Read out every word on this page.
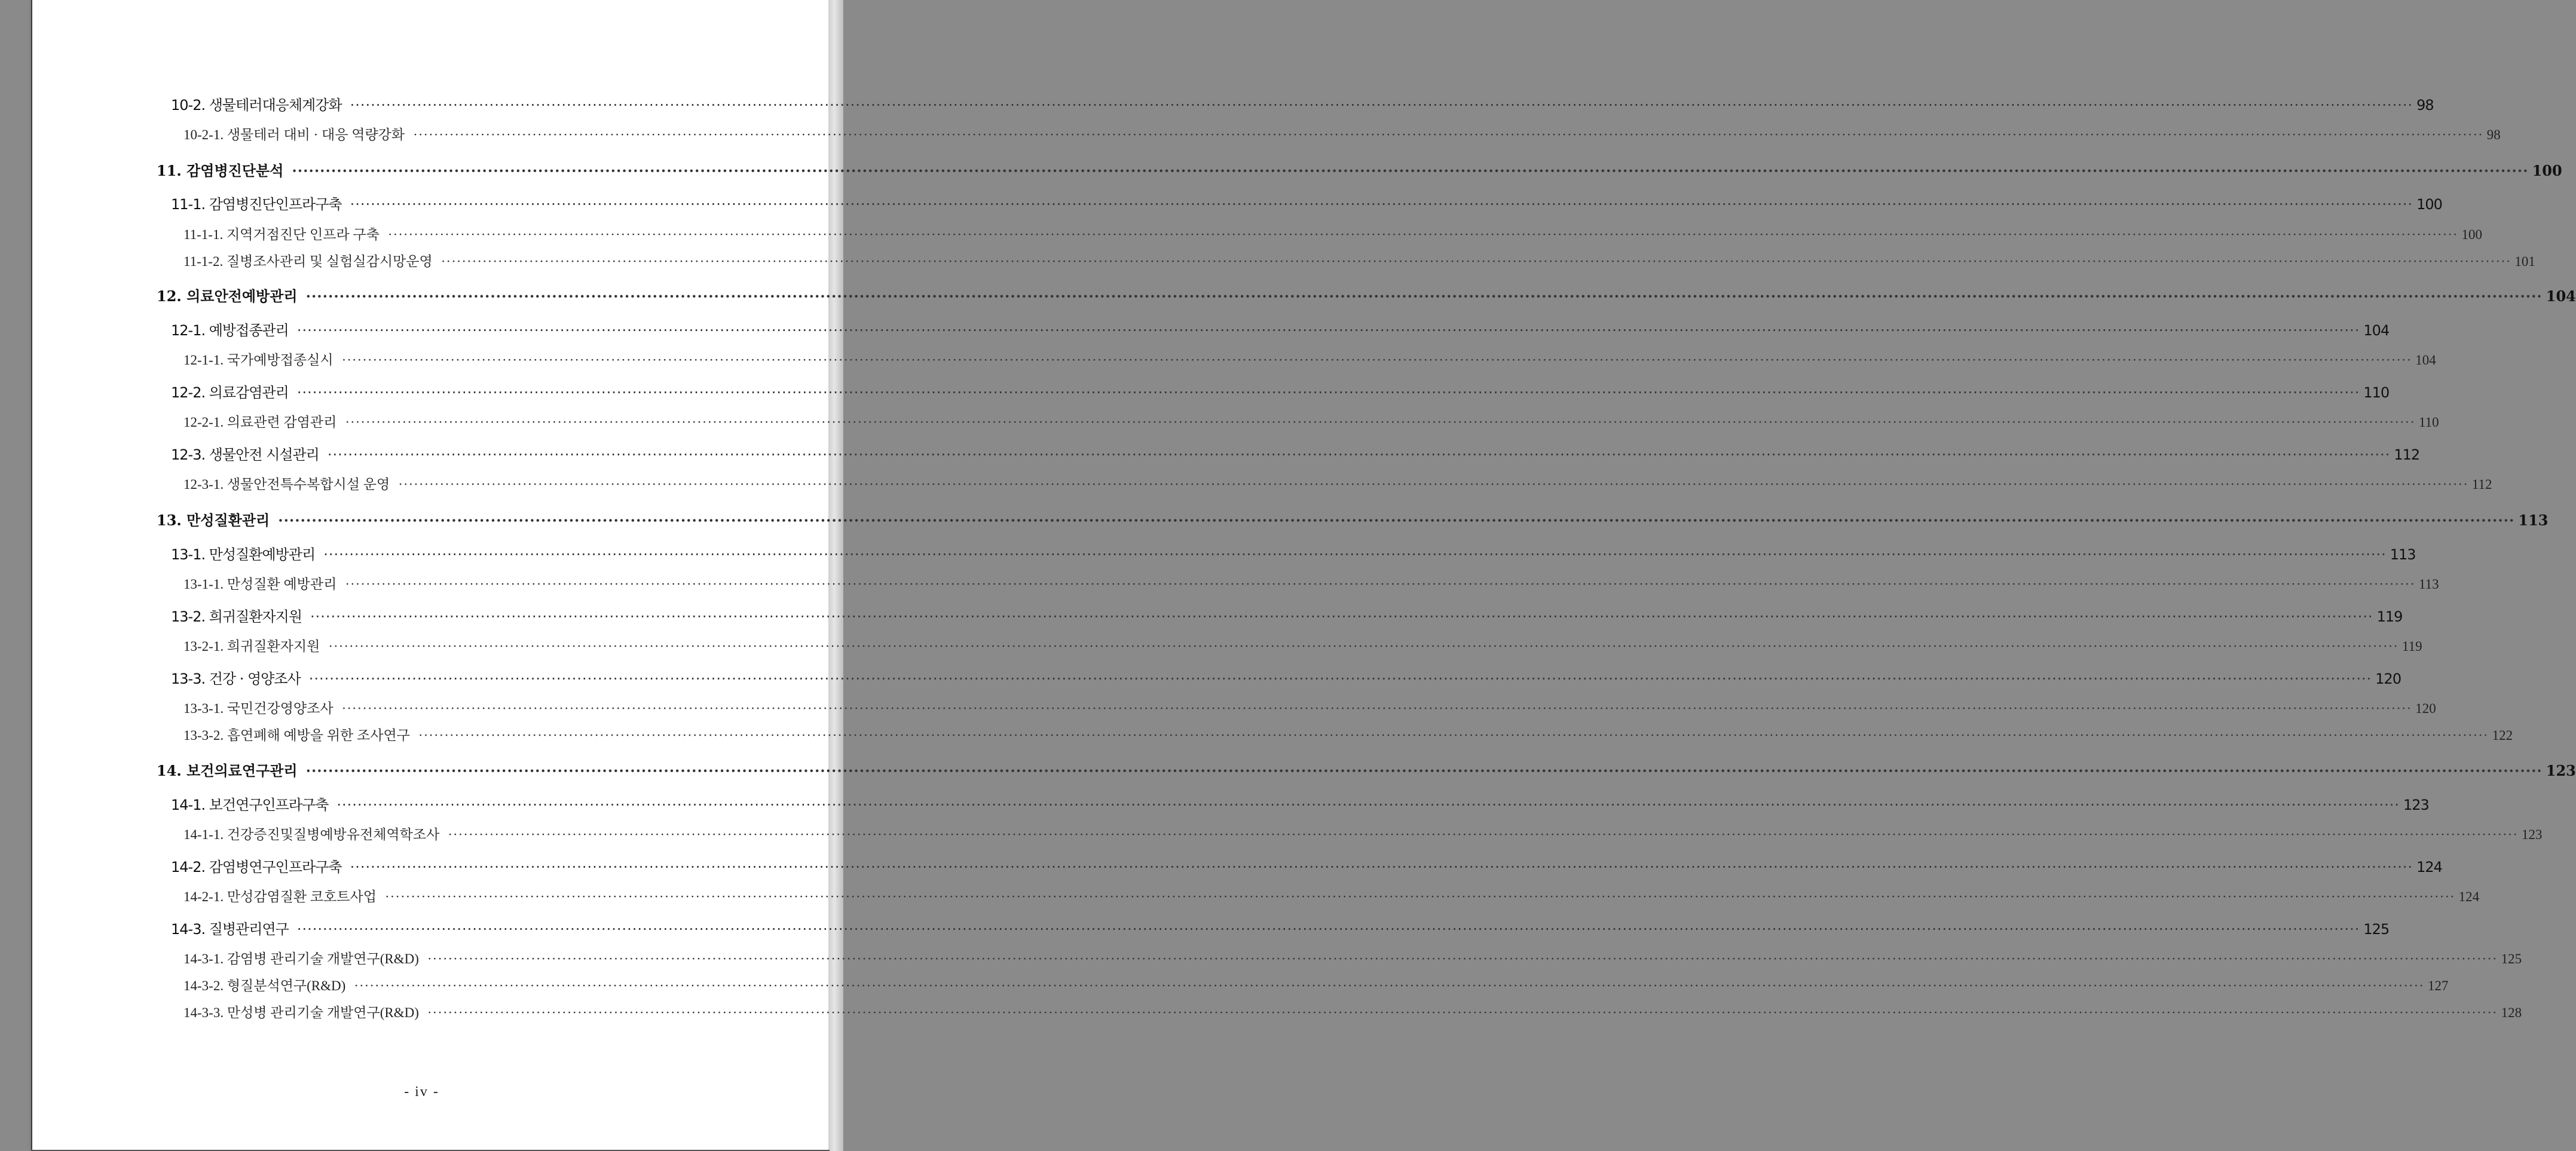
10-2. 생물테러대응체계강화 ················································································································································································································································································································································································································ 98
10-2-1. 생물테러 대비 · 대응 역량강화 ················································································································································································································································································································································································································ 98
11. 감염병진단분석 ················································································································································································································································································································································································································ 100
11-1. 감염병진단인프라구축 ················································································································································································································································································································································································································ 100
11-1-1. 지역거점진단 인프라 구축 ················································································································································································································································································································································································································ 100
11-1-2. 질병조사관리 및 실험실감시망운영 ················································································································································································································································································································································································································ 101
12. 의료안전예방관리 ················································································································································································································································································································································································································ 104
12-1. 예방접종관리 ················································································································································································································································································································································································································ 104
12-1-1. 국가예방접종실시 ················································································································································································································································································································································································································ 104
12-2. 의료감염관리 ················································································································································································································································································································································································································ 110
12-2-1. 의료관련 감염관리 ················································································································································································································································································································································································································ 110
12-3. 생물안전 시설관리 ················································································································································································································································································································································································································ 112
12-3-1. 생물안전특수복합시설 운영 ················································································································································································································································································································································································································ 112
13. 만성질환관리 ················································································································································································································································································································································································································ 113
13-1. 만성질환예방관리 ················································································································································································································································································································································································································ 113
13-1-1. 만성질환 예방관리 ················································································································································································································································································································································································································ 113
13-2. 희귀질환자지원 ················································································································································································································································································································································································································ 119
13-2-1. 희귀질환자지원 ················································································································································································································································································································································································································ 119
13-3. 건강 · 영양조사 ················································································································································································································································································································································································································ 120
13-3-1. 국민건강영양조사 ················································································································································································································································································································································································································ 120
13-3-2. 흡연폐해 예방을 위한 조사연구 ················································································································································································································································································································································································································ 122
14. 보건의료연구관리 ················································································································································································································································································································································································································ 123
14-1. 보건연구인프라구축 ················································································································································································································································································································································································································ 123
14-1-1. 건강증진및질병예방유전체역학조사 ················································································································································································································································································································································································································ 123
14-2. 감염병연구인프라구축 ················································································································································································································································································································································································································ 124
14-2-1. 만성감염질환 코호트사업 ················································································································································································································································································································································································································ 124
14-3. 질병관리연구 ················································································································································································································································································································································································································ 125
14-3-1. 감염병 관리기술 개발연구(R&D) ················································································································································································································································································································································································································ 125
14-3-2. 형질분석연구(R&D) ················································································································································································································································································································································································································ 127
14-3-3. 만성병 관리기술 개발연구(R&D) ················································································································································································································································································································································································································ 128
- iv -
